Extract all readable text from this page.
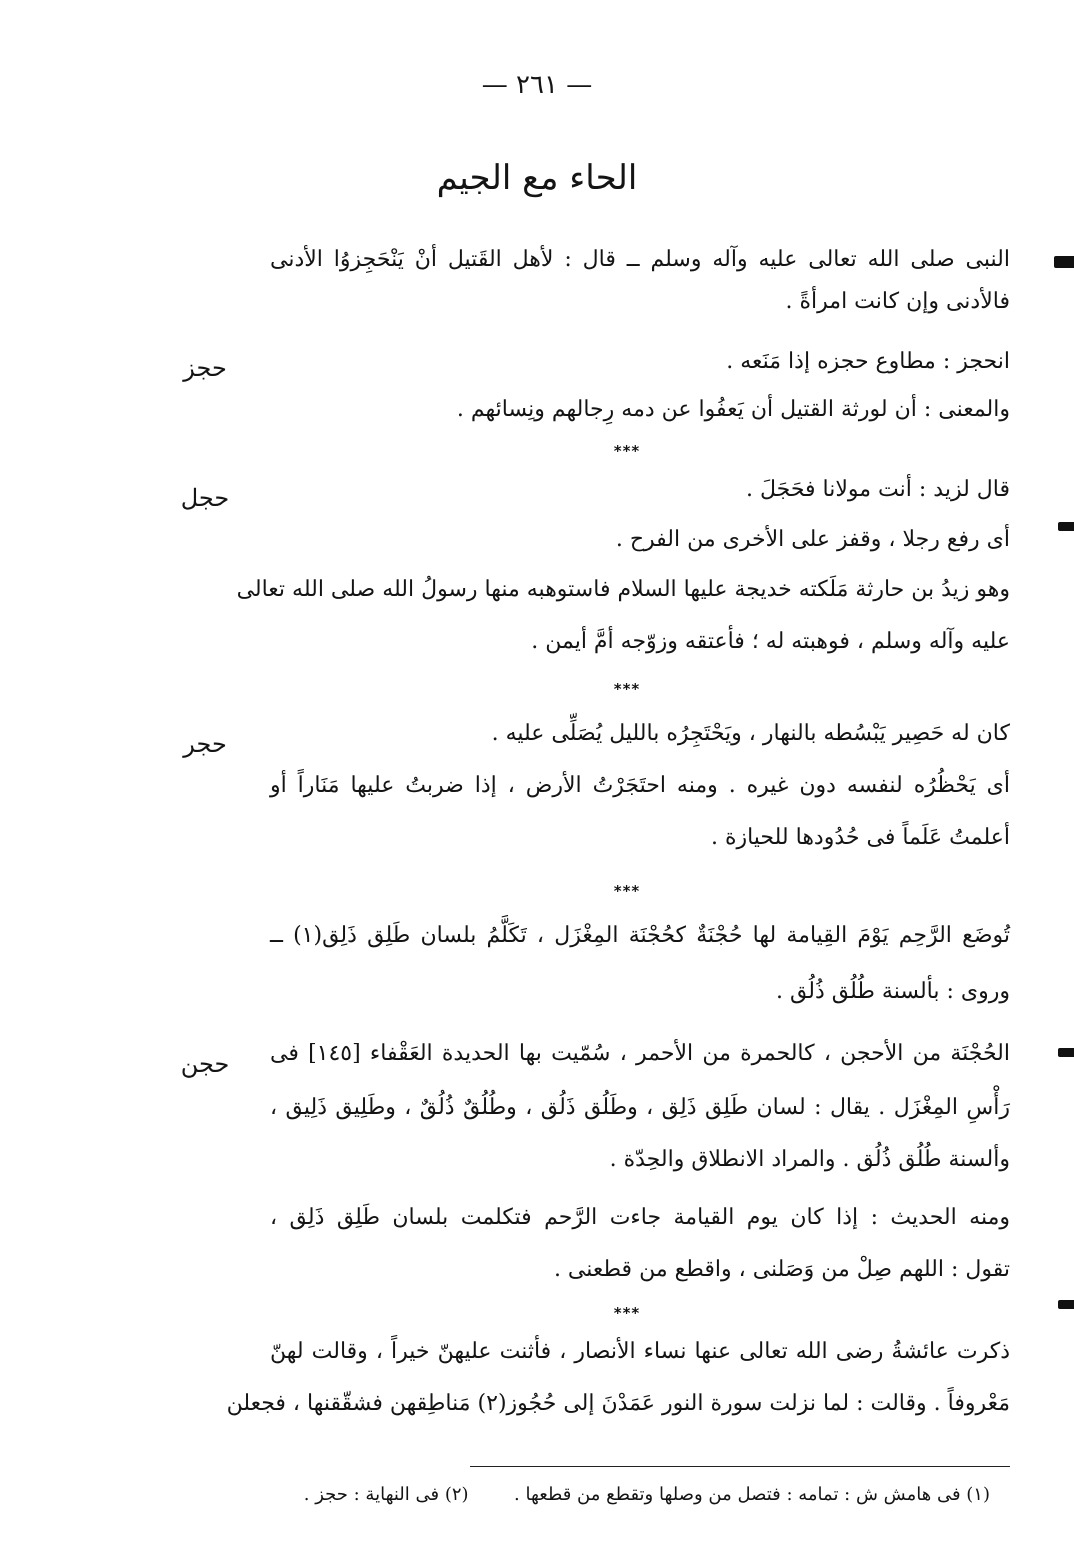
— ٢٦١ —
الحاء مع الجيم
النبى صلى الله تعالى عليه وآله وسلم ــ قال : لأهل القَتيل أنْ يَنْحَجِزوُا الأدنى
فالأدنى وإن كانت امرأةً .
انحجز : مطاوع حجزه إذا مَنَعه .
حجز
والمعنى : أن لورثة القتيل أن يَعفُوا عن دمه رِجالهم ونِسائهم .
***
قال لزيد : أنت مولانا فحَجَلَ .
حجل
أى رفع رجلا ، وقفز على الأخرى من الفرح .
وهو زيدُ بن حارثة مَلَكته خديجة عليها السلام فاستوهبه منها رسولُ الله صلى الله تعالى
عليه وآله وسلم ، فوهبته له ؛ فأعتقه وزوّجه أمَّ أيمن .
***
كان له حَصِير يَبْسُطه بالنهار ، ويَحْتَجِرُه بالليل يُصَلِّى عليه .
حجر
أى يَحْظُرُه لنفسه دون غيره . ومنه احتَجَرْتُ الأرض ، إذا ضربتُ عليها مَنَاراً أو
أعلمتُ عَلَماً فى حُدُودها للحيازة .
***
تُوضَع الرَّحِم يَوْمَ القِيامة لها حُجْنَةٌ كحُجْنَة المِغْزَل ، تَكَلَّمُ بلسان طَلِق ذَلِق(١) ــ
وروى : بألسنة طُلُق ذُلُق .
الحُجْنَة من الأحجن ، كالحمرة من الأحمر ، سُمّيت بها الحديدة العَقْفاء [١٤٥] فى
حجن
رَأْسِ المِغْزَل . يقال : لسان طَلِق ذَلِق ، وطَلُق ذَلُق ، وطُلُقٌ ذُلُقٌ ، وطَلِيق ذَلِيق ،
وألسنة طُلُق ذُلُق . والمراد الانطلاق والحِدّة .
ومنه الحديث : إذا كان يوم القيامة جاءت الرَّحم فتكلمت بلسان طَلِق ذَلِق ،
تقول : اللهم صِلْ من وَصَلنى ، واقطع من قطعنى .
***
ذكرت عائشةُ رضى الله تعالى عنها نساء الأنصار ، فأثنت عليهنّ خيراً ، وقالت لهنّ
مَعْروفاً . وقالت : لما نزلت سورة النور عَمَدْنَ إلى حُجُوز(٢) مَناطِقهن فشقّقنها ، فجعلن
(١) فى هامش ش : تمامه : فتصل من وصلها وتقطع من قطعها .  (٢) فى النهاية : حجز .
